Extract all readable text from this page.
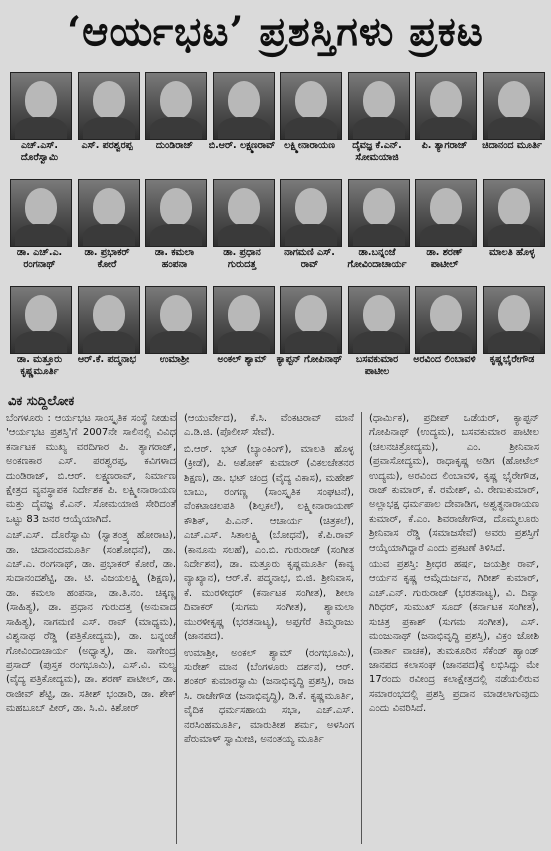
‘ಆರ್ಯಭಟ’ ಪ್ರಶಸ್ತಿಗಳು ಪ್ರಕಟ
ಎಚ್.ಎಸ್. ದೊರೆಸ್ವಾಮಿ
ಎಸ್. ಪರಶ್ವರಪ್ಪ	ದುಂಡಿರಾಜ್	ಬಿ.ಆರ್. ಲಕ್ಷ್ಮಣರಾವ್ ಲಕ್ಷ್ಮೀನಾರಾಯಣ	ದೈವಜ್ಞ ಕೆ.ಎನ್. ಸೋಮಯಾಜಿ
ಪಿ. ತ್ಯಾಗರಾಜ್	ಚಿದಾನಂದ ಮೂರ್ತಿ
ಡಾ. ಎಚ್.ಎ. ರಂಗನಾಥ್
ಡಾ. ಪ್ರಭಾಕರ್ ಕೋರೆ
ಡಾ. ಕಮಲಾ ಹಂಪನಾ
ಡಾ. ಪ್ರಧಾನ ಗುರುದತ್ತ
ನಾಗಮಣಿ ಎಸ್. ರಾವ್
ಡಾ.ಬನ್ನಂಜೆ ಗೋವಿಂದಾಚಾರ್ಯ
ಡಾ. ಶರಣ್ ಪಾಟೀಲ್
ಮಾಲತಿ ಹೊಳ್ಳ
ಡಾ. ಮತ್ತೂರು ಕೃಷ್ಣಮೂರ್ತಿ
ಆರ್.ಕೆ. ಪದ್ಮನಾಭ	ಉಮಾಶ್ರೀ	ಅಂಕಲ್ ಶ್ಯಾಮ್	ಕ್ಯಾಪ್ಟನ್ ಗೋಪಿನಾಥ್	ಬಸವಕುಮಾರ ಪಾಟೀಲ
ಅರವಿಂದ ಲಿಂಬಾವಳಿ	ಕೃಷ್ಣಭೈರೇಗೌಡ
ವಿಕ ಸುದ್ದಿಲೋಕ

ಬೆಂಗಳೂರು : ಆರ್ಯಭಟ ಸಾಂಸ್ಕೃತಿಕ ಸಂಸ್ಥೆ ನೀಡುವ 'ಆರ್ಯಭಟ ಪ್ರಶಸ್ತಿ'ಗೆ 2007ನೇ ಸಾಲಿನಲ್ಲಿ ವಿವಿಧ ಕರ್ನಾಟಕ ಮುಖ್ಯ ವರದಿಗಾರ ಪಿ. ತ್ಯಾಗರಾಜ್, ಅಂಕಣಕಾರ ಎಸ್. ಪರಶ್ವರಪ್ಪ, ಕವಿಗಳಾದ ದುಂಡಿರಾಜ್, ಬಿ.ಆರ್. ಲಕ್ಷ್ಮಣರಾವ್, ನಿರ್ಮಾಣ ಕ್ಷೇತ್ರದ ವ್ಯವಸ್ಥಾಪಕ ನಿರ್ದೇಶಕ ಪಿ. ಲಕ್ಷ್ಮೀನಾರಾಯಣ ಮತ್ತು ದೈವಜ್ಞ ಕೆ.ಎನ್. ಸೋಮಯಾಜಿ ಸೇರಿದಂತೆ ಒಟ್ಟು 83 ಜನರ ಆಯ್ಕೆಯಾಗಿದೆ.

ಎಚ್.ಎಸ್. ದೊರೆಸ್ವಾಮಿ (ಸ್ವಾತಂತ್ರ್ಯ ಹೋರಾಟ), ಡಾ. ಚಿದಾನಂದಮೂರ್ತಿ (ಸಂಶೋಧನೆ), ಡಾ. ಎಚ್.ಎ. ರಂಗನಾಥ್, ಡಾ. ಪ್ರಭಾಕರ್ ಕೋರೆ, ಡಾ. ಸುದಾನಂದಶೆಟ್ಟಿ, ಡಾ. ಟಿ. ವಿಜಯಲಕ್ಷ್ಮಿ (ಶಿಕ್ಷಣ), ಡಾ. ಕಮಲಾ ಹಂಪನಾ, ಡಾ.ತಿ.ನಂ. ಚಿಕ್ಕಣ್ಣ (ಸಾಹಿತ್ಯ), ಡಾ. ಪ್ರಧಾನ ಗುರುದತ್ತ (ಅನುವಾದ ಸಾಹಿತ್ಯ), ನಾಗಮಣಿ ಎಸ್. ರಾವ್ (ಮಾಧ್ಯಮ), ವಿಶ್ವನಾಥ ರೆಡ್ಡಿ (ಪತ್ರಿಕೋದ್ಯಮ), ಡಾ. ಬನ್ನಂಜೆ ಗೋವಿಂದಾಚಾರ್ಯ (ಅಧ್ಯಾತ್ಮ), ಡಾ. ನಾಗೇಂದ್ರ ಪ್ರಸಾದ್ (ಪುಸ್ತಕ ರಂಗಭೂಮಿ), ಎಸ್.ವಿ. ಮಲ್ಯ (ವೈದ್ಯ ಪತ್ರಿಕೋದ್ಯಮ), ಡಾ. ಶರಣ್ ಪಾಟೀಲ್, ಡಾ. ರಾಜೀವ್ ಶೆಟ್ಟಿ, ಡಾ. ಸತೀಶ್ ಭಂಡಾರಿ, ಡಾ. ಶೇಕ್ ಮಹಬೂಬ್ ಪೀರ್, ಡಾ. ಸಿ.ವಿ. ಕಿಶೋರ್

(ಆಯುರ್ವೇದ), ಕೆ.ಸಿ. ವೆಂಕಟರಾವ್ ಮಾನೆ ಎ.ಡಿ.ಜಿ. (ಪೊಲೀಸ್ ಸೇವೆ).

ಬಿ.ಆರ್. ಭಟ್ (ಬ್ಯಾಂಕಿಂಗ್), ಮಾಲತಿ ಹೊಳ್ಳ (ಕ್ರೀಡೆ), ಪಿ. ಅಶೋಕ್ ಕುಮಾರ್ (ವಿಕಲಚೇತನರ ಶಿಕ್ಷಣ), ಡಾ. ಭಟ್ ಚಂದ್ರ (ವೈದ್ಯ ವಿಕಾಸ), ಮಹೇಶ್ ಬಾಬು, ರಂಗಣ್ಣ (ಸಾಂಸ್ಕೃತಿಕ ಸಂಘಟನೆ), ವೆಂಕಟಾಚಲಪತಿ (ಶಿಲ್ಪಕಲೆ), ಲಕ್ಷ್ಮೀನಾರಾಯಣ್ ಕೌಶಿಕ್, ಪಿ.ಎನ್. ಆಚಾರ್ಯ (ಚಿತ್ರಕಲೆ), ಎಚ್.ಎಸ್. ಸಿತಾಲಕ್ಷ್ಮಿ (ಬೋಧನೆ), ಕೆ.ಪಿ.ರಾವ್ (ಕಾನೂನು ಸಲಹೆ), ಎಂ.ಬಿ. ಗುರುರಾಜ್ (ಸಂಗೀತ ನಿರ್ದೇಶನ), ಡಾ. ಮತ್ತೂರು ಕೃಷ್ಣಮೂರ್ತಿ (ಕಾವ್ಯ ವ್ಯಾಖ್ಯಾನ), ಆರ್.ಕೆ. ಪದ್ಮನಾಭ, ಬಿ.ಜಿ. ಶ್ರೀನಿವಾಸ, ಕೆ. ಮುರಳೀಧರ್ (ಕರ್ನಾಟಕ ಸಂಗೀತ), ಶೀಲಾ ದಿವಾಕರ್ (ಸುಗಮ ಸಂಗೀತ), ಶ್ಯಾಮಲಾ ಮುರಳೀಕೃಷ್ಣ (ಭರತನಾಟ್ಯ), ಅಪ್ಪಗೆರೆ ತಿಮ್ಮರಾಜು (ಜಾನಪದ).

ಉಮಾಶ್ರೀ, ಅಂಕಲ್ ಶ್ಯಾಮ್ (ರಂಗಭೂಮಿ), ಸುರೇಶ್ ಮಾನ (ಬೆಂಗಳೂರು ದರ್ಶನ), ಆರ್. ಶಂಕರ್ ಕುಮಾರಸ್ವಾಮಿ (ಜನಾಭಿವೃದ್ಧಿ ಪ್ರಶಸ್ತಿ), ರಾಜ ಸಿ. ರಾಜೇಗೌಡ (ಜನಾಭಿವೃದ್ಧಿ), ಡಿ.ಕೆ. ಕೃಷ್ಣಮೂರ್ತಿ, ವೈದಿಕ ಧರ್ಮಸಹಾಯ ಸಭಾ, ಎಚ್.ಎಸ್. ನರಸಿಂಹಮೂರ್ತಿ, ಮಾರುತೀಶ ಶರ್ಮ, ಅಳಸಿಂಗ ಪೆರುಮಾಳ್ ಸ್ವಾಮೀಜಿ, ಅನಂತಯ್ಯ ಮೂರ್ತಿ

(ಧಾರ್ಮಿಕ), ಪ್ರದೀಪ್ ಒಡೆಯರ್, ಕ್ಯಾಪ್ಟನ್ ಗೋಪಿನಾಥ್ (ಉದ್ಯಮ), ಬಸವಕುಮಾರ ಪಾಟೀಲ (ಚಲನಚಿತ್ರೋದ್ಯಮ), ಎಂ. ಶ್ರೀನಿವಾಸ (ಪ್ರವಾಸೋದ್ಯಮ), ರಾಧಾಕೃಷ್ಣ ಅಡಿಗ (ಹೋಟೆಲ್ ಉದ್ಯಮ), ಅರವಿಂದ ಲಿಂಬಾವಳಿ, ಕೃಷ್ಣ ಭೈರೇಗೌಡ, ರಾಜ್ ಕುಮಾರ್, ಕೆ. ರಮೇಶ್, ವಿ. ರೇಣುಕುಮಾರ್, ಅಲ್ಲಾಭಕ್ಷ ಧರ್ಮಪಾಲ ದೇವಾಡಿಗ, ಅಶ್ವತ್ಥನಾರಾಯಣ ಕುಮಾರ್, ಕೆ.ಎಂ. ಶಿವರಾಜೇಗೌಡ, ದೊಮ್ಮಲೂರು ಶ್ರೀನಿವಾಸ ರೆಡ್ಡಿ (ಸಮಾಜಸೇವೆ) ಅವರು ಪ್ರಶಸ್ತಿಗೆ ಆಯ್ಕೆಯಾಗಿದ್ದಾರೆ ಎಂದು ಪ್ರಕಟಣೆ ತಿಳಿಸಿದೆ.

ಯುವ ಪ್ರಶಸ್ತಿ: ಶ್ರೀಧರ ಹರ್ಷ, ಜಯಶ್ರೀ ರಾವ್, ಆರ್ಯನ ಕೃಷ್ಣ ಆಮ್ಗೆದುರ್ಜನ, ಗಿರೀಶ್ ಕುಮಾರ್, ಎಚ್.ಎನ್. ಗುರುರಾಜ್ (ಭರತನಾಟ್ಯ), ವಿ. ದಿವ್ಯಾ ಗಿರಿಧರ್, ಸುಮುಖ್ ಸೂದ್ (ಕರ್ನಾಟಕ ಸಂಗೀತ), ಸುಚಿತ್ರ ಪ್ರಕಾಶ್ (ಸುಗಮ ಸಂಗೀತ), ಎಸ್. ಮಂಜುನಾಥ್ (ಜನಾಭಿವೃದ್ಧಿ ಪ್ರಶಸ್ತಿ), ವಿಕ್ರಂ ಜೋಶಿ (ವಾರ್ತಾ ವಾಚಕ), ತುಮಕೂರಿನ ಸೆಕೆಂಡ್ ಹ್ಯಾಂಡ್ ಜಾನಪದ ಕಲಾಸಂಘ (ಜಾನಪದ)ಕ್ಕೆ ಲಭಿಸಿದ್ದು ಮೇ 17ರಂದು ರವೀಂದ್ರ ಕಲಾಕ್ಷೇತ್ರದಲ್ಲಿ ನಡೆಯಲಿರುವ ಸಮಾರಂಭದಲ್ಲಿ ಪ್ರಶಸ್ತಿ ಪ್ರದಾನ ಮಾಡಲಾಗುವುದು ಎಂದು ವಿವರಿಸಿದೆ.
